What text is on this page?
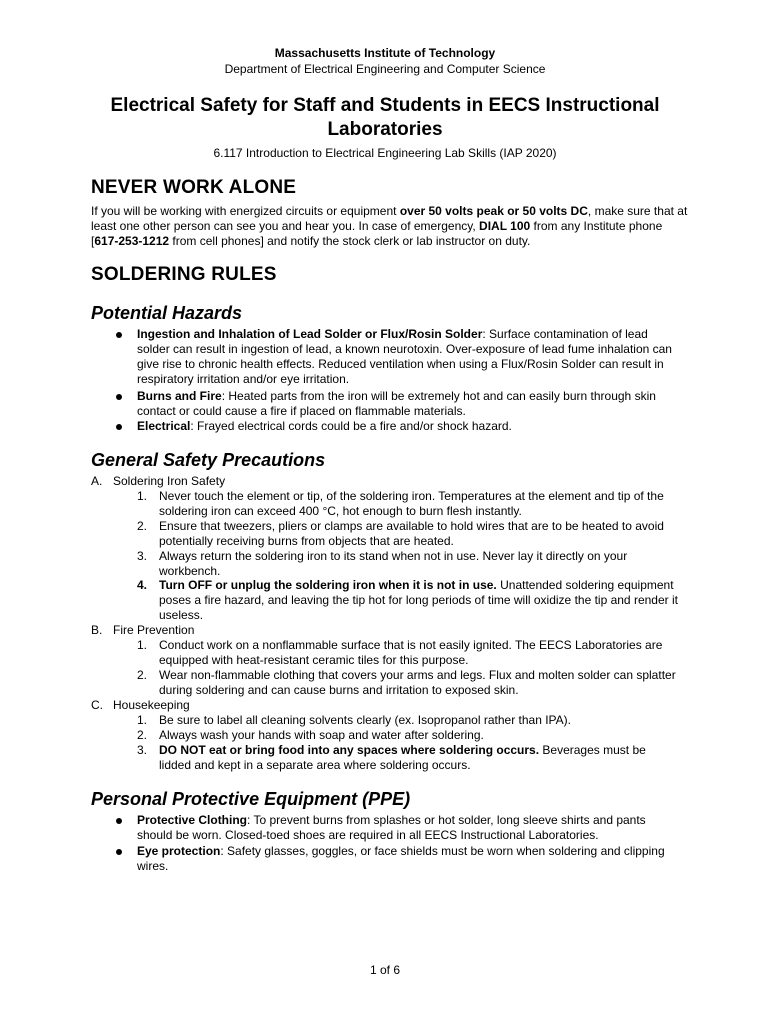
Massachusetts Institute of Technology
Department of Electrical Engineering and Computer Science
Electrical Safety for Staff and Students in EECS Instructional
Laboratories
6.117 Introduction to Electrical Engineering Lab Skills (IAP 2020)
NEVER WORK ALONE
If you will be working with energized circuits or equipment over 50 volts peak or 50 volts DC, make sure that at least one other person can see you and hear you. In case of emergency, DIAL 100 from any Institute phone [617-253-1212 from cell phones] and notify the stock clerk or lab instructor on duty.
SOLDERING RULES
Potential Hazards
Ingestion and Inhalation of Lead Solder or Flux/Rosin Solder: Surface contamination of lead solder can result in ingestion of lead, a known neurotoxin. Over-exposure of lead fume inhalation can give rise to chronic health effects. Reduced ventilation when using a Flux/Rosin Solder can result in respiratory irritation and/or eye irritation.
Burns and Fire: Heated parts from the iron will be extremely hot and can easily burn through skin contact or could cause a fire if placed on flammable materials.
Electrical: Frayed electrical cords could be a fire and/or shock hazard.
General Safety Precautions
A. Soldering Iron Safety
1. Never touch the element or tip, of the soldering iron. Temperatures at the element and tip of the soldering iron can exceed 400 °C, hot enough to burn flesh instantly.
2. Ensure that tweezers, pliers or clamps are available to hold wires that are to be heated to avoid potentially receiving burns from objects that are heated.
3. Always return the soldering iron to its stand when not in use. Never lay it directly on your workbench.
4. Turn OFF or unplug the soldering iron when it is not in use. Unattended soldering equipment poses a fire hazard, and leaving the tip hot for long periods of time will oxidize the tip and render it useless.
B. Fire Prevention
1. Conduct work on a nonflammable surface that is not easily ignited. The EECS Laboratories are equipped with heat-resistant ceramic tiles for this purpose.
2. Wear non-flammable clothing that covers your arms and legs. Flux and molten solder can splatter during soldering and can cause burns and irritation to exposed skin.
C. Housekeeping
1. Be sure to label all cleaning solvents clearly (ex. Isopropanol rather than IPA).
2. Always wash your hands with soap and water after soldering.
3. DO NOT eat or bring food into any spaces where soldering occurs. Beverages must be lidded and kept in a separate area where soldering occurs.
Personal Protective Equipment (PPE)
Protective Clothing: To prevent burns from splashes or hot solder, long sleeve shirts and pants should be worn. Closed-toed shoes are required in all EECS Instructional Laboratories.
Eye protection: Safety glasses, goggles, or face shields must be worn when soldering and clipping wires.
1 of 6
